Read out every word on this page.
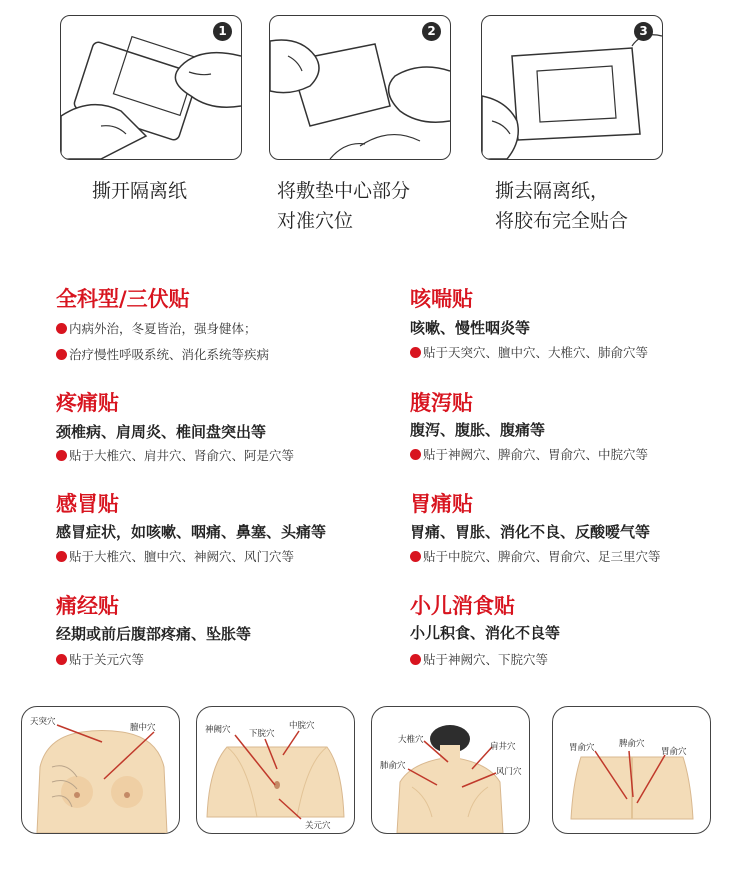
1	2	3
撕开隔离纸	将敷垫中心部分
对准穴位
撕去隔离纸，
将胶布完全贴合
全科型/三伏贴
内病外治，冬夏皆治，强身健体；
治疗慢性呼吸系统、消化系统等疾病
疼痛贴
颈椎病、肩周炎、椎间盘突出等
贴于大椎穴、肩井穴、肾俞穴、阿是穴等
感冒贴
感冒症状，如咳嗽、咽痛、鼻塞、头痛等
贴于大椎穴、膻中穴、神阙穴、风门穴等
痛经贴
经期或前后腹部疼痛、坠胀等
贴于关元穴等
咳喘贴
咳嗽、慢性咽炎等
贴于天突穴、膻中穴、大椎穴、肺俞穴等
腹泻贴
腹泻、腹胀、腹痛等
贴于神阙穴、脾俞穴、胃俞穴、中脘穴等
胃痛贴
胃痛、胃胀、消化不良、反酸嗳气等
贴于中脘穴、脾俞穴、胃俞穴、足三里穴等
小儿消食贴
小儿积食、消化不良等
贴于神阙穴、下脘穴等
天突穴
膻中穴	神阙穴 下脘穴
中脘穴
关元穴
大椎穴
肩井穴
肺俞穴
风门穴
胃俞穴	脾俞穴
胃俞穴
